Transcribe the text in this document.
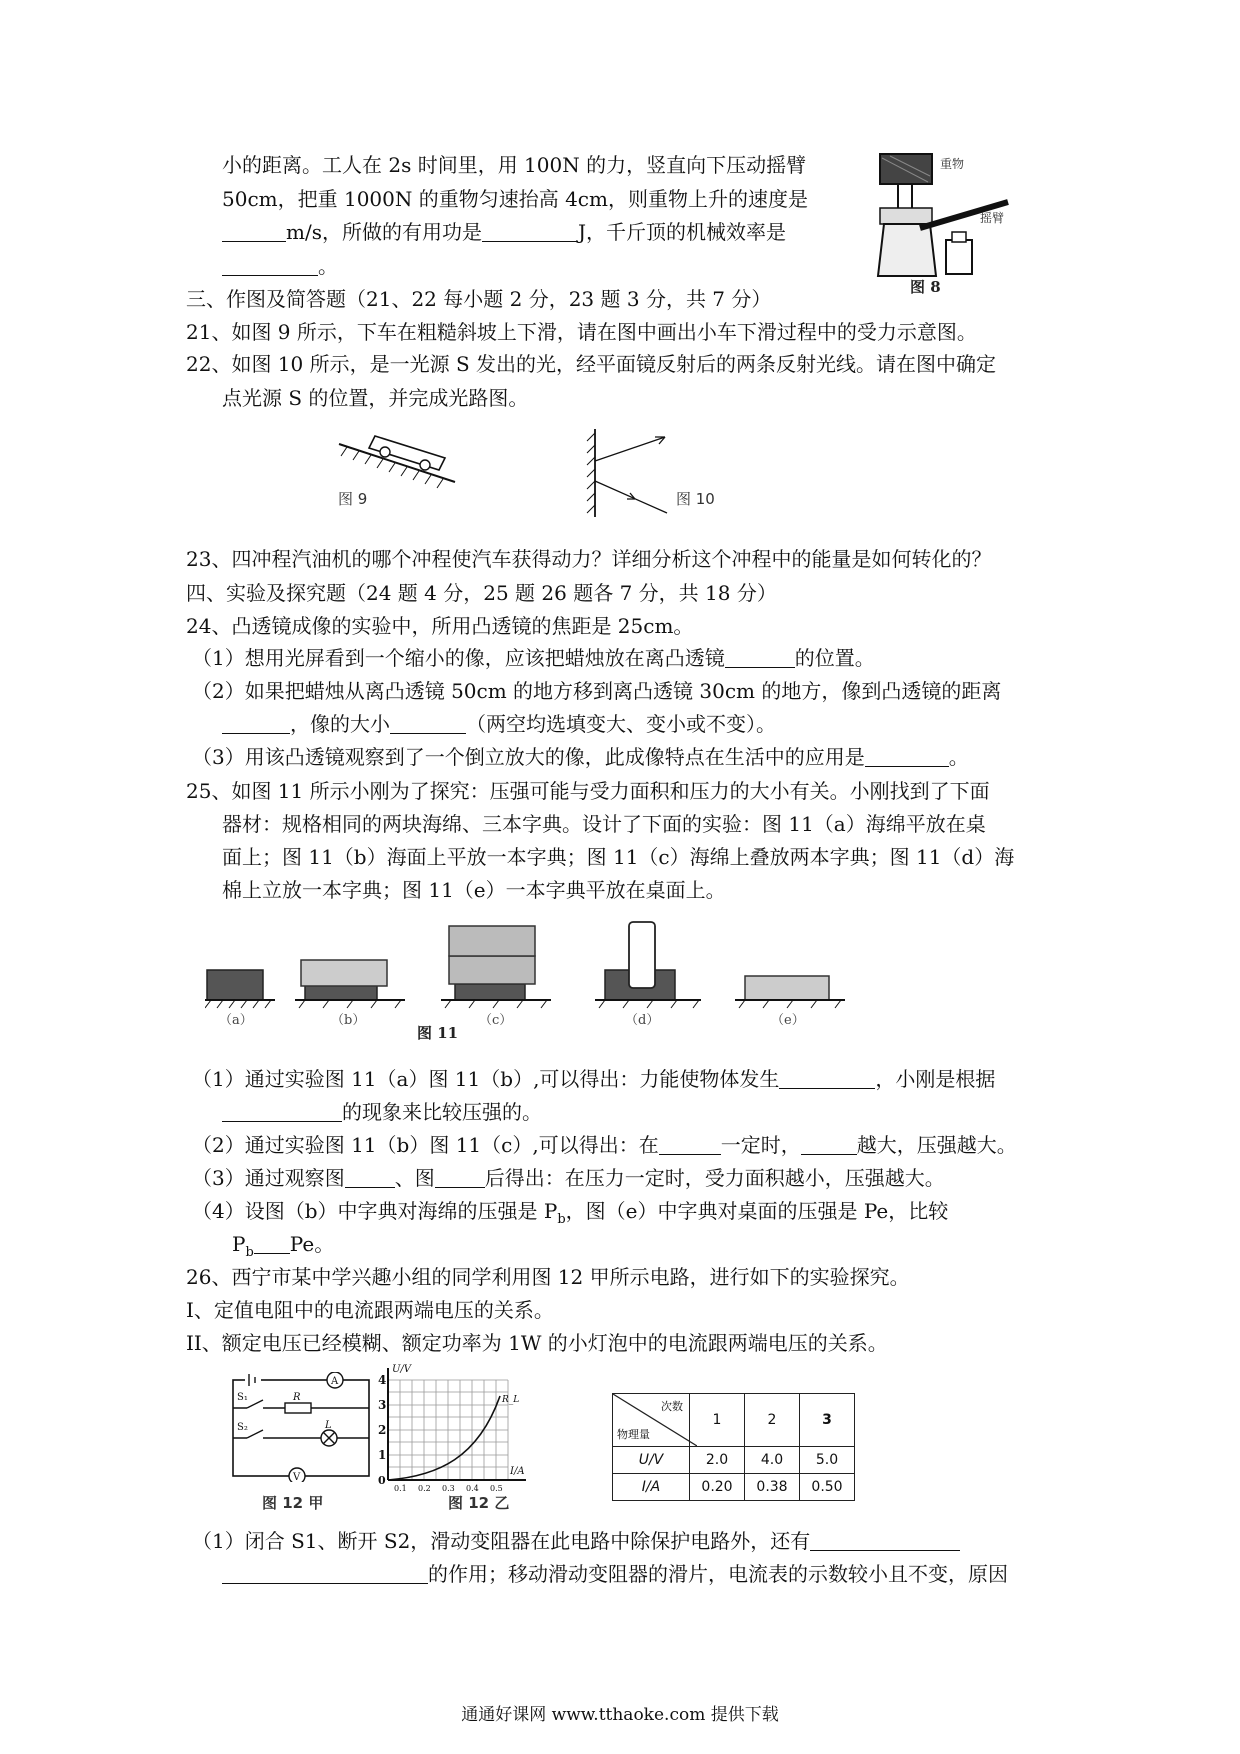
小的距离。工人在 2s 时间里，用 100N 的力，竖直向下压动摇臂
50cm，把重 1000N 的重物匀速抬高 4cm，则重物上升的速度是
m/s，所做的有用功是	J，千斤顶的机械效率是
。
重物
摇臂
图 8
三、作图及简答题（21、22 每小题 2 分，23 题 3 分，共 7 分）
21、如图 9 所示，下车在粗糙斜坡上下滑，请在图中画出小车下滑过程中的受力示意图。
22、如图 10 所示，是一光源 S 发出的光，经平面镜反射后的两条反射光线。请在图中确定
点光源 S 的位置，并完成光路图。
图 9	图 10
23、四冲程汽油机的哪个冲程使汽车获得动力？详细分析这个冲程中的能量是如何转化的？
四、实验及探究题（24 题 4 分，25 题 26 题各 7 分，共 18 分）
24、凸透镜成像的实验中，所用凸透镜的焦距是 25cm。
（1）想用光屏看到一个缩小的像，应该把蜡烛放在离凸透镜	的位置。
（2）如果把蜡烛从离凸透镜 50cm 的地方移到离凸透镜 30cm 的地方，像到凸透镜的距离
，像的大小	（两空均选填变大、变小或不变）。
（3）用该凸透镜观察到了一个倒立放大的像，此成像特点在生活中的应用是	。
25、如图 11 所示小刚为了探究：压强可能与受力面积和压力的大小有关。小刚找到了下面
器材：规格相同的两块海绵、三本字典。设计了下面的实验：图 11（a）海绵平放在桌
面上；图 11（b）海面上平放一本字典；图 11（c）海绵上叠放两本字典；图 11（d）海
棉上立放一本字典；图 11（e）一本字典平放在桌面上。
（a）	（b）	（c）	（d）	（e）
图 11
（1）通过实验图 11（a）图 11（b）,可以得出：力能使物体发生	，小刚是根据
的现象来比较压强的。
（2）通过实验图 11（b）图 11（c）,可以得出：在	一定时，	越大，压强越大。
（3）通过观察图	、图	后得出：在压力一定时，受力面积越小，压强越大。
（4）设图（b）中字典对海绵的压强是 $P_b$，图（e）中字典对桌面的压强是 Pe，比较
$P_b$ Pe。
26、西宁市某中学兴趣小组的同学利用图 12 甲所示电路，进行如下的实验探究。
I、定值电阻中的电流跟两端电压的关系。
II、额定电压已经模糊、额定功率为 1W 的小灯泡中的电流跟两端电压的关系。
A
V
S₁
S₂
R
L
图 12 甲
U/V
I/A
R_L
0
1
2
3
4
0.1 0.2 0.3 0.4 0.5
图 12 乙
次数
物理量	1	2	3
U/V	2.0	4.0	5.0
I/A	0.20	0.38	0.50
（1）闭合 S1、断开 S2，滑动变阻器在此电路中除保护电路外，还有
的作用；移动滑动变阻器的滑片，电流表的示数较小且不变，原因
通通好课网 www.tthaoke.com 提供下载
